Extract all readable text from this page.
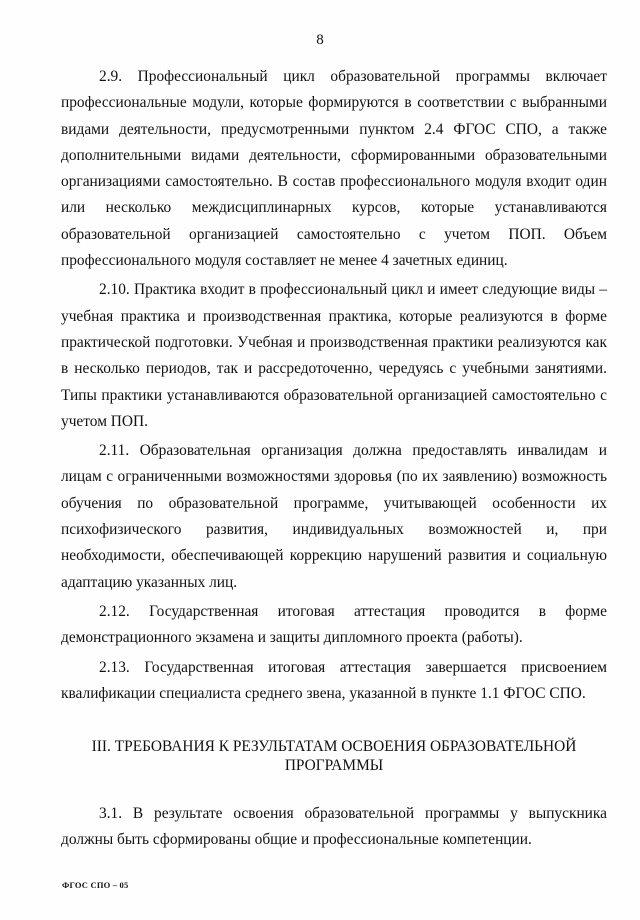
8

2.9. Профессиональный цикл образовательной программы включает профессиональные модули, которые формируются в соответствии с выбранными видами деятельности, предусмотренными пунктом 2.4 ФГОС СПО, а также дополнительными видами деятельности, сформированными образовательными организациями самостоятельно. В состав профессионального модуля входит один или несколько междисциплинарных курсов, которые устанавливаются образовательной организацией самостоятельно с учетом ПОП. Объем профессионального модуля составляет не менее 4 зачетных единиц.

2.10. Практика входит в профессиональный цикл и имеет следующие виды – учебная практика и производственная практика, которые реализуются в форме практической подготовки. Учебная и производственная практики реализуются как в несколько периодов, так и рассредоточенно, чередуясь с учебными занятиями. Типы практики устанавливаются образовательной организацией самостоятельно с учетом ПОП.

2.11. Образовательная организация должна предоставлять инвалидам и лицам с ограниченными возможностями здоровья (по их заявлению) возможность обучения по образовательной программе, учитывающей особенности их психофизического развития, индивидуальных возможностей и, при необходимости, обеспечивающей коррекцию нарушений развития и социальную адаптацию указанных лиц.

2.12. Государственная итоговая аттестация проводится в форме демонстрационного экзамена и защиты дипломного проекта (работы).

2.13. Государственная итоговая аттестация завершается присвоением квалификации специалиста среднего звена, указанной в пункте 1.1 ФГОС СПО.

III. ТРЕБОВАНИЯ К РЕЗУЛЬТАТАМ ОСВОЕНИЯ ОБРАЗОВАТЕЛЬНОЙ
ПРОГРАММЫ

3.1. В результате освоения образовательной программы у выпускника должны быть сформированы общие и профессиональные компетенции.

ФГОС СПО – 05
